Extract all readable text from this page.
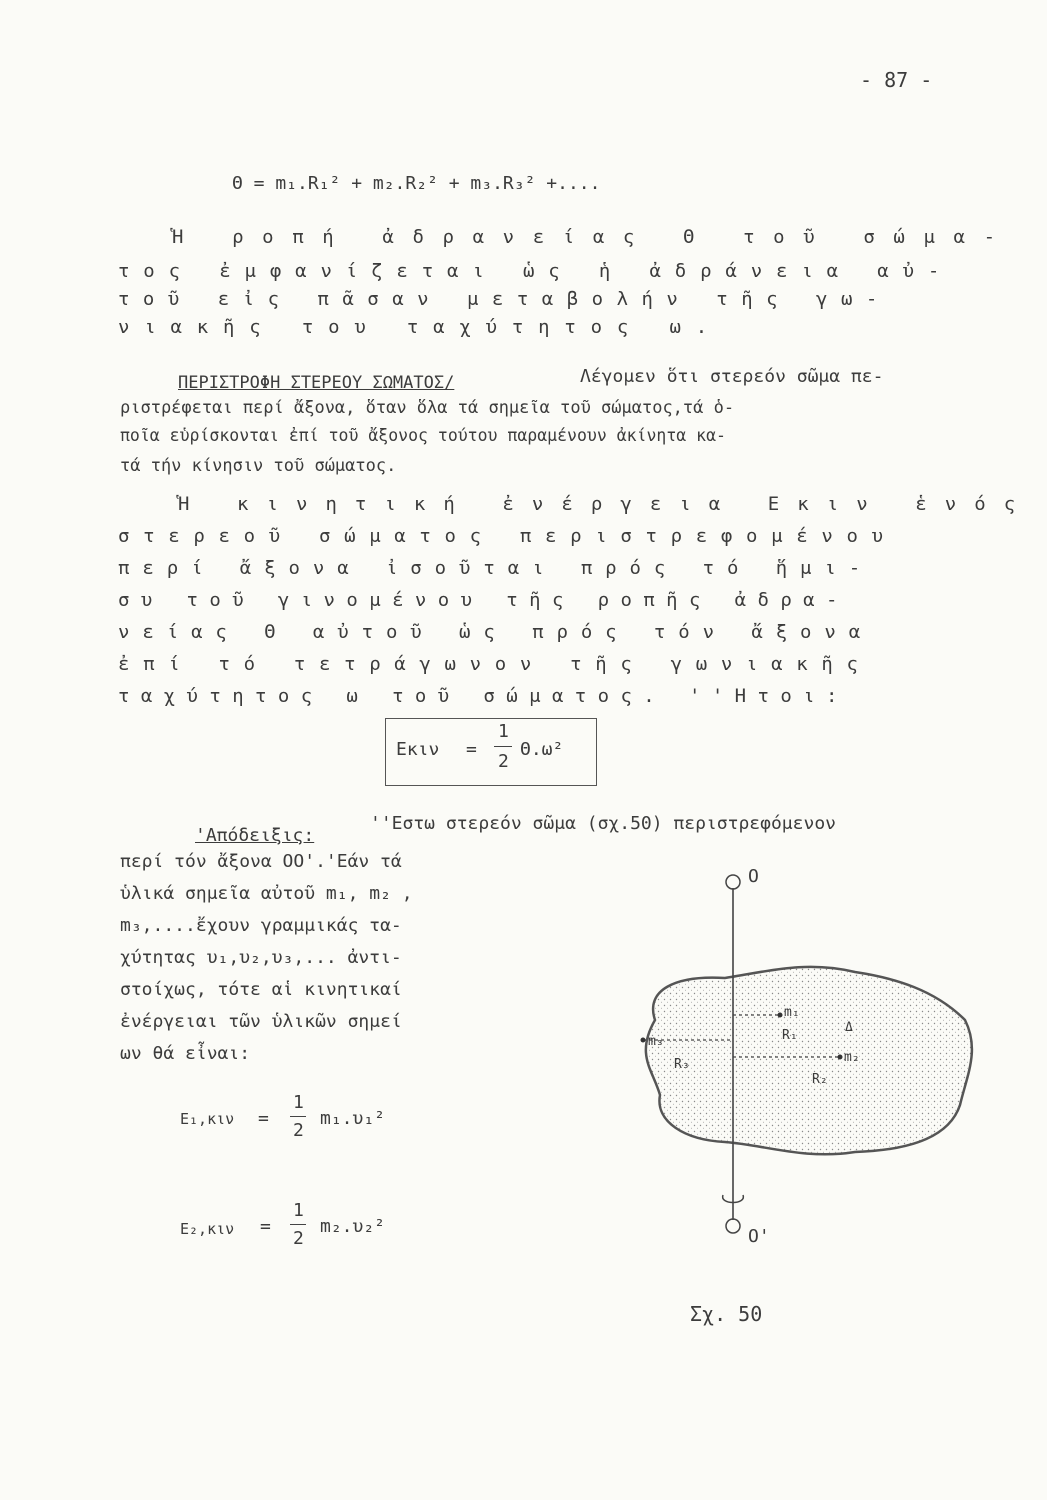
- 87 -
Θ = m₁.R₁² + m₂.R₂² + m₃.R₃² +....
Ἡ ροπή ἀδρανείας Θ τοῦ σώμα-
τος ἐμφανίζεται ὡς ἡ ἀδράνεια αὐ-
τοῦ εἰς πᾶσαν μεταβολήν τῆς γω-
νιακῆς του ταχύτητος ω.
ΠΕΡΙΣΤΡΟΦΗ ΣΤΕΡΕΟΥ ΣΩΜΑΤΟΣ/	Λέγομεν ὅτι στερεόν σῶμα πε-
ριστρέφεται περί ἄξονα, ὅταν ὅλα τά σημεῖα τοῦ σώματος,τά ὁ-
ποῖα εὑρίσκονται ἐπί τοῦ ἄξονος τούτου παραμένουν ἀκίνητα κα-
τά τήν κίνησιν τοῦ σώματος.
Ἡ κινητική ἐνέργεια Εκιν ἑνός
στερεοῦ σώματος περιστρεφομένου
περί ἄξονα ἰσοῦται πρός τό ἥμι-
συ τοῦ γινομένου τῆς ροπῆς ἀδρα-
νείας Θ αὐτοῦ ὡς πρός τόν ἄξονα
ἐπί τό τετράγωνον τῆς γωνιακῆς
ταχύτητος ω τοῦ σώματος. ''Ητοι:
Εκιν =
1
2
Θ.ω²
'Απόδειξις:
''Εστω στερεόν σῶμα (σχ.50) περιστρεφόμενον
περί τόν ἄξονα ΟΟ'.'Εάν τά
ὑλικά σημεῖα αὐτοῦ m₁, m₂ ,
m₃,....ἔχουν γραμμικάς τα-
χύτητας υ₁,υ₂,υ₃,... ἀντι-
στοίχως, τότε αἱ κινητικαί
ἐνέργειαι τῶν ὑλικῶν σημεί
ων θά εἶναι:
Ε₁,κιν =
1
2
m₁.υ₁²
Ε₂,κιν =
1
2
m₂.υ₂²
O
O'
m₁
R₁
m₂
R₂
m₃
R₃
Δ
Σχ. 50
